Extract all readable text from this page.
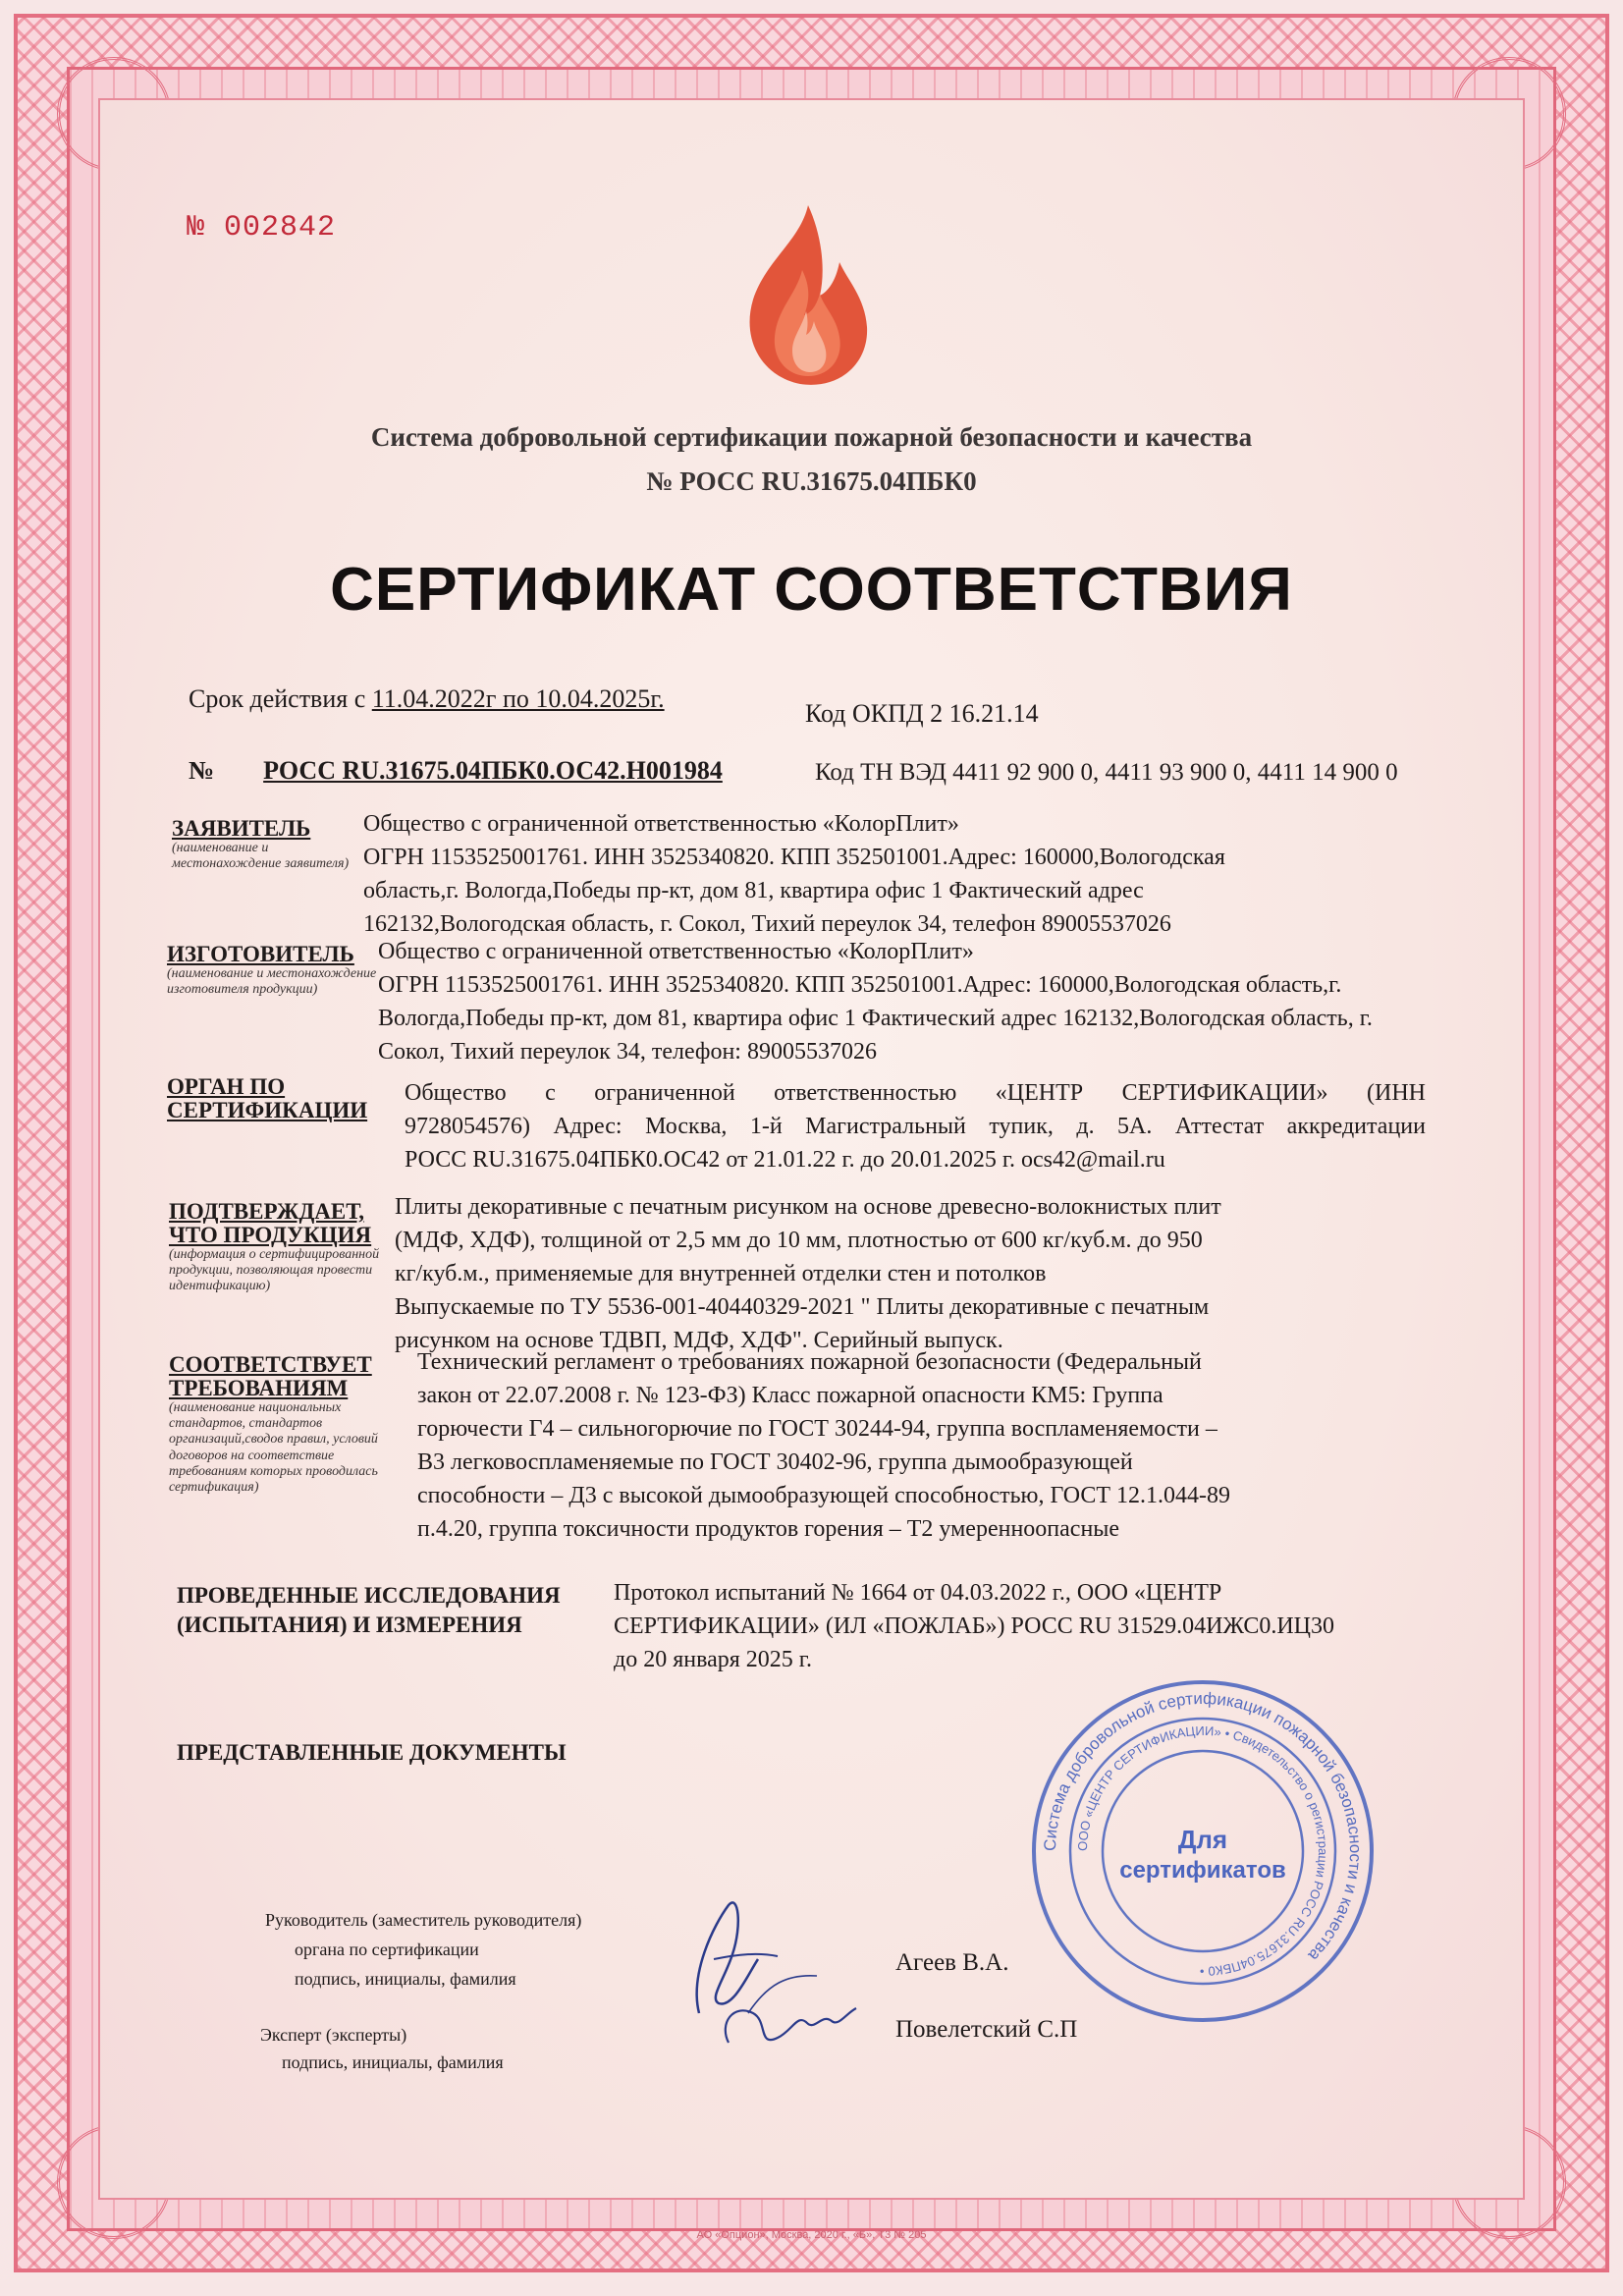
№ 002842
Система добровольной сертификации пожарной безопасности и качества
№ РОСС RU.31675.04ПБК0
СЕРТИФИКАТ СООТВЕТСТВИЯ
Срок действия с 11.04.2022г по 10.04.2025г.
Код ОКПД 2 16.21.14
№ РОСС RU.31675.04ПБК0.ОС42.Н001984	Код ТН ВЭД 4411 92 900 0, 4411 93 900 0, 4411 14 900 0
ЗАЯВИТЕЛЬ
(наименование и местонахождение заявителя)
Общество с ограниченной ответственностью «КолорПлит»
ОГРН 1153525001761. ИНН 3525340820. КПП 352501001.Адрес: 160000,Вологодская
область,г. Вологда,Победы пр-кт, дом 81, квартира офис 1 Фактический адрес
162132,Вологодская область, г. Сокол, Тихий переулок 34, телефон 89005537026
ИЗГОТОВИТЕЛЬ
(наименование и местонахождение изготовителя продукции)
Общество с ограниченной ответственностью «КолорПлит»
ОГРН 1153525001761. ИНН 3525340820. КПП 352501001.Адрес: 160000,Вологодская область,г.
Вологда,Победы пр-кт, дом 81, квартира офис 1 Фактический адрес 162132,Вологодская область, г.
Сокол, Тихий переулок 34, телефон: 89005537026
ОРГАН ПО
СЕРТИФИКАЦИИ
Общество с ограниченной ответственностью «ЦЕНТР СЕРТИФИКАЦИИ» (ИНН
9728054576) Адрес: Москва, 1-й Магистральный тупик, д. 5А. Аттестат аккредитации
РОСС RU.31675.04ПБК0.ОС42 от 21.01.22 г. до 20.01.2025 г. ocs42@mail.ru
ПОДТВЕРЖДАЕТ,
ЧТО ПРОДУКЦИЯ
(информация о сертифицированной продукции, позволяющая провести идентификацию)
Плиты декоративные с печатным рисунком на основе древесно-волокнистых плит
(МДФ, ХДФ), толщиной от 2,5 мм до 10 мм, плотностью от 600 кг/куб.м. до 950
кг/куб.м., применяемые для внутренней отделки стен и потолков
Выпускаемые по ТУ 5536-001-40440329-2021 " Плиты декоративные с печатным
рисунком на основе ТДВП, МДФ, ХДФ". Серийный выпуск.
СООТВЕТСТВУЕТ
ТРЕБОВАНИЯМ
(наименование национальных стандартов, стандартов организаций,сводов правил, условий договоров на соответствие требованиям которых проводилась сертификация)
Технический регламент о требованиях пожарной безопасности (Федеральный
закон от 22.07.2008 г. № 123-ФЗ) Класс пожарной опасности КМ5: Группа
горючести Г4 – сильногорючие по ГОСТ 30244-94, группа воспламеняемости –
В3 легковоспламеняемые по ГОСТ 30402-96, группа дымообразующей
способности – Д3 с высокой дымообразующей способностью, ГОСТ 12.1.044-89
п.4.20, группа токсичности продуктов горения – Т2 умеренноопасные
ПРОВЕДЕННЫЕ ИССЛЕДОВАНИЯ
(ИСПЫТАНИЯ) И ИЗМЕРЕНИЯ
Протокол испытаний № 1664 от 04.03.2022 г., ООО «ЦЕНТР
СЕРТИФИКАЦИИ» (ИЛ «ПОЖЛАБ») РОСС RU 31529.04ИЖС0.ИЦ30
до 20 января 2025 г.
ПРЕДСТАВЛЕННЫЕ ДОКУМЕНТЫ
Руководитель (заместитель руководителя)
органа по сертификации
подпись, инициалы, фамилия
Эксперт (эксперты)
подпись, инициалы, фамилия
Агеев В.А.
Повелетский С.П
Система добровольной сертификации пожарной безопасности и качества
ООО «ЦЕНТР СЕРТИФИКАЦИИ» • Свидетельство о регистрации РОСС RU.31675.04ПБК0 •
Для
сертификатов
АО «Опцион», Москва, 2020 г., «Б», Т3 № 205
